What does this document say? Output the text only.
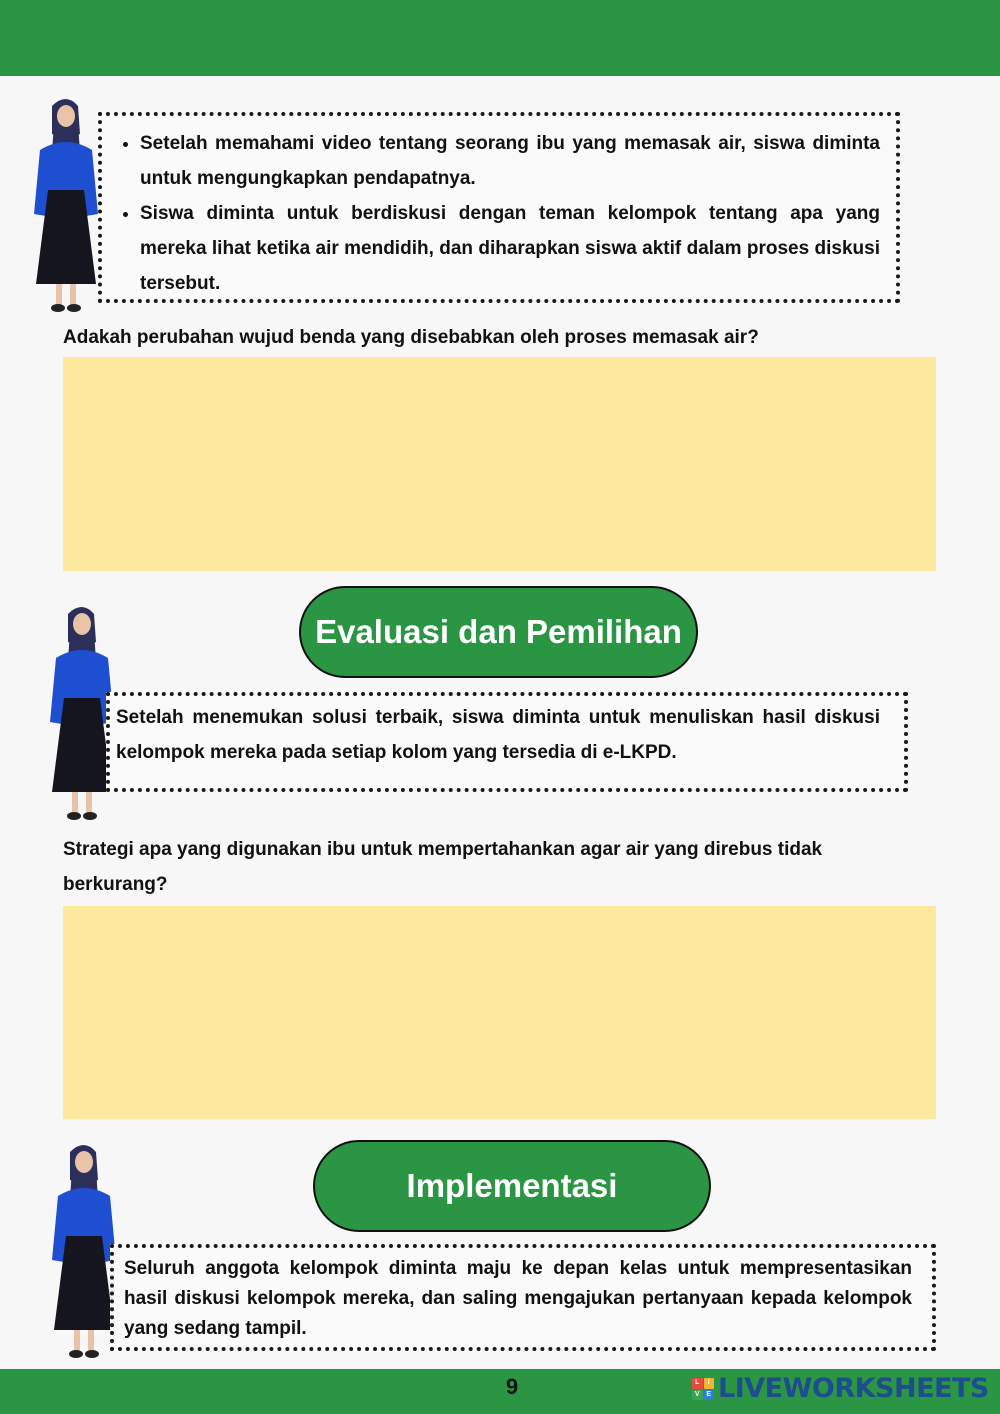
• Setelah memahami video tentang seorang ibu yang memasak air, siswa diminta untuk mengungkapkan pendapatnya.
• Siswa diminta untuk berdiskusi dengan teman kelompok tentang apa yang mereka lihat ketika air mendidih, dan diharapkan siswa aktif dalam proses diskusi tersebut.
Adakah perubahan wujud benda yang disebabkan oleh proses memasak air?
Evaluasi dan Pemilihan
Setelah menemukan solusi terbaik, siswa diminta untuk menuliskan hasil diskusi kelompok mereka pada setiap kolom yang tersedia di e-LKPD.
Strategi apa yang digunakan ibu untuk mempertahankan agar air yang direbus tidak berkurang?
Implementasi
Seluruh anggota kelompok diminta maju ke depan kelas untuk mempresentasikan hasil diskusi kelompok mereka, dan saling mengajukan pertanyaan kepada kelompok yang sedang tampil.
9	L	I
V E LIVEWORKSHEETS
